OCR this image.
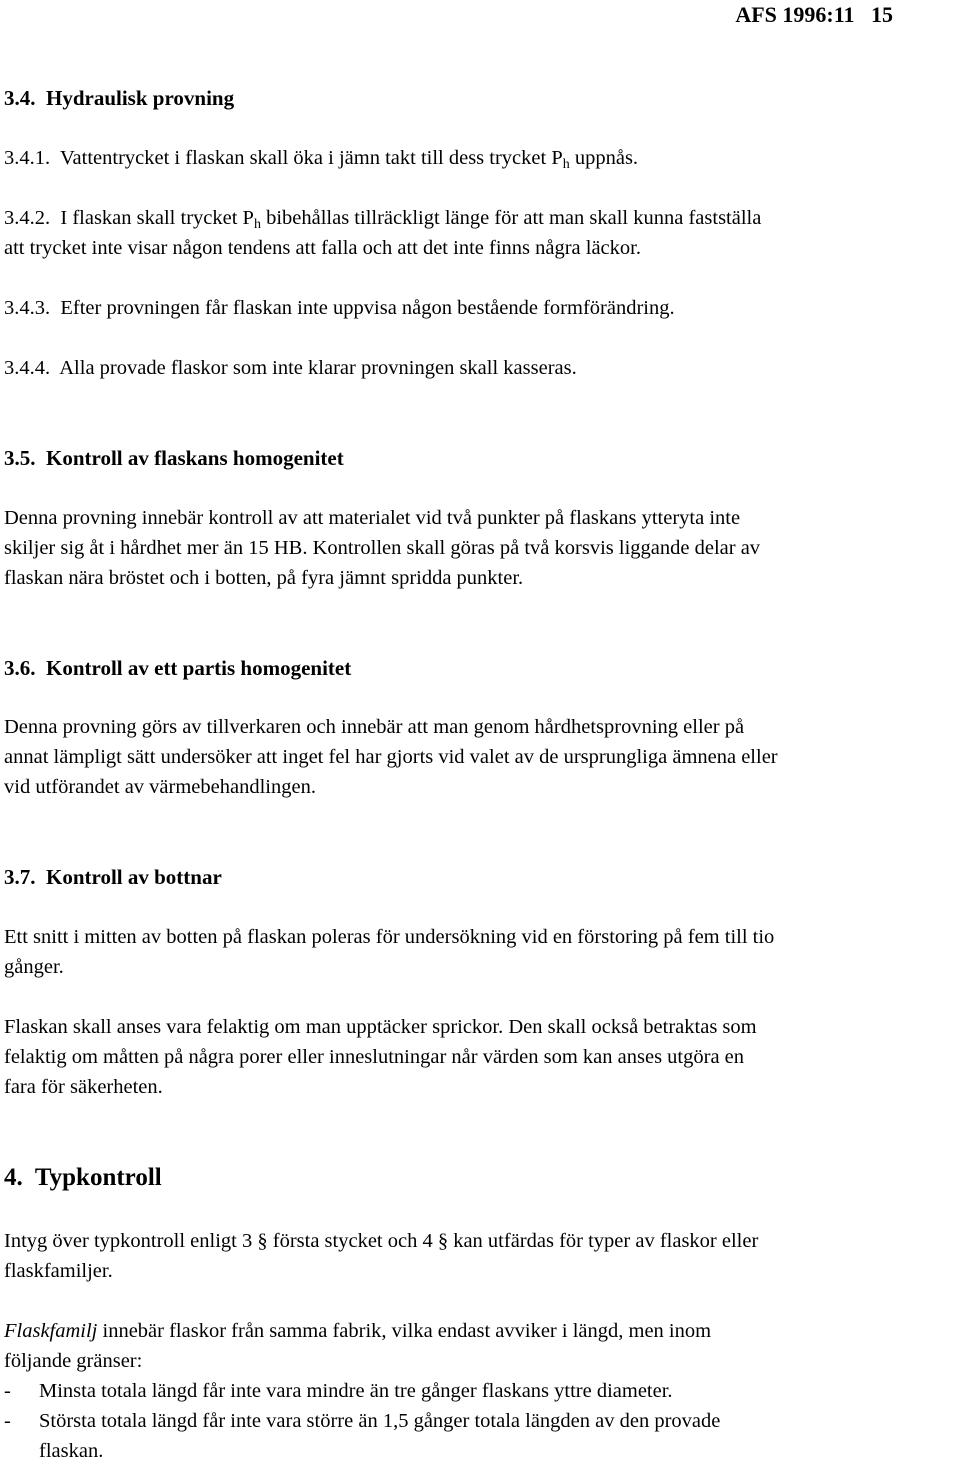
AFS 1996:11 15
3.4. Hydraulisk provning
3.4.1. Vattentrycket i flaskan skall öka i jämn takt till dess trycket $P_h$ uppnås.
3.4.2. I flaskan skall trycket $P_h$ bibehållas tillräckligt länge för att man skall kunna fastställa
att trycket inte visar någon tendens att falla och att det inte finns några läckor.
3.4.3. Efter provningen får flaskan inte uppvisa någon bestående formförändring.
3.4.4. Alla provade flaskor som inte klarar provningen skall kasseras.
3.5. Kontroll av flaskans homogenitet
Denna provning innebär kontroll av att materialet vid två punkter på flaskans ytteryta inte
skiljer sig åt i hårdhet mer än 15 HB. Kontrollen skall göras på två korsvis liggande delar av
flaskan nära bröstet och i botten, på fyra jämnt spridda punkter.
3.6. Kontroll av ett partis homogenitet
Denna provning görs av tillverkaren och innebär att man genom hårdhetsprovning eller på
annat lämpligt sätt undersöker att inget fel har gjorts vid valet av de ursprungliga ämnena eller
vid utförandet av värmebehandlingen.
3.7. Kontroll av bottnar
Ett snitt i mitten av botten på flaskan poleras för undersökning vid en förstoring på fem till tio
gånger.
Flaskan skall anses vara felaktig om man upptäcker sprickor. Den skall också betraktas som
felaktig om måtten på några porer eller inneslutningar når värden som kan anses utgöra en
fara för säkerheten.
4. Typkontroll
Intyg över typkontroll enligt 3 § första stycket och 4 § kan utfärdas för typer av flaskor eller
flaskfamiljer.
Flaskfamilj innebär flaskor från samma fabrik, vilka endast avviker i längd, men inom
följande gränser:
- Minsta totala längd får inte vara mindre än tre gånger flaskans yttre diameter.
- Största totala längd får inte vara större än 1,5 gånger totala längden av den provade
flaskan.
